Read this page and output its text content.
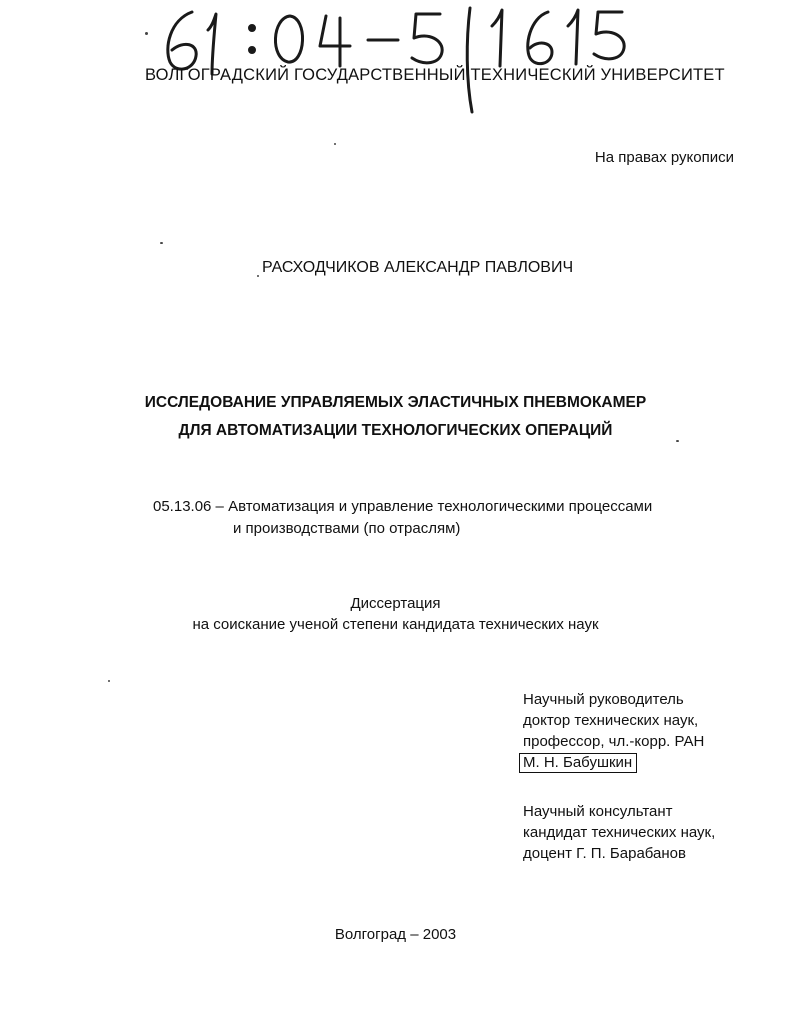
ВОЛГОГРАДСКИЙ ГОСУДАРСТВЕННЫЙ ТЕХНИЧЕСКИЙ УНИВЕРСИТЕТ
На правах рукописи
РАСХОДЧИКОВ АЛЕКСАНДР ПАВЛОВИЧ
ИССЛЕДОВАНИЕ УПРАВЛЯЕМЫХ ЭЛАСТИЧНЫХ ПНЕВМОКАМЕР
ДЛЯ АВТОМАТИЗАЦИИ ТЕХНОЛОГИЧЕСКИХ ОПЕРАЦИЙ
05.13.06 – Автоматизация и управление технологическими процессами
и производствами (по отраслям)
Диссертация
на соискание ученой степени кандидата технических наук
Научный руководитель
доктор технических наук,
профессор, чл.-корр. РАН
М. Н. Бабушкин
Научный консультант
кандидат технических наук,
доцент Г. П. Барабанов
Волгоград – 2003
